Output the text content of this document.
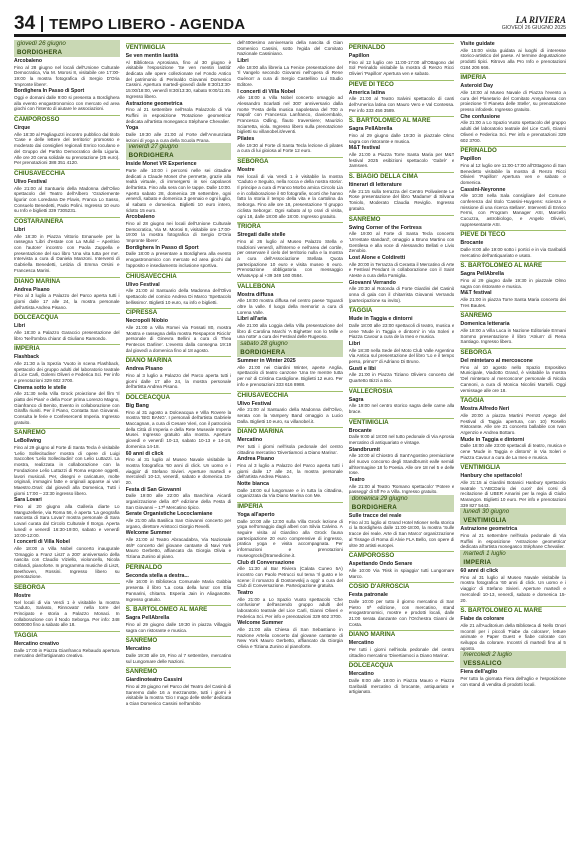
34 TEMPO LIBERO - AGENDA	LA RIVIERA
GIOVEDÌ 26 GIUGNO 2025
giovedì 26 giugno
BORDIGHERA
Arcobaleno
Fino al 28 giugno nel locali dell'Unione Culturale Democratica, Via M. Morosi 8, visitabile ore 17:00-19:00 la mostra fotografica di Sergio D'Oria 'Impronte libere'.
Bordighera In Passo di Sport
Oggi e domani dalle 9:00 si presenta a Bordighera alla evento enogastronomico con mercato ed area giochi con l'intento di aiutare le associazioni.
CAMPOROSSO
Cirque
Alle 18:30 al Pagliaguzzi incontro pubblico dal titolo 'Case e delle lettere del territorio' promosso e moderato dai consiglieri regionali Enrico Ioculano e del Gruppo del Partito Democratico della Liguria. Alle ore 20 cena solidale su prenotazione (25 euro). Per prenotazioni 388 351 4120.
CHIUSAVECCHIA
Ulivo Festival
Alle 21:00 al Santuario della Madonna dell'Olivo spettacolo del Teatro dell'Albero 'Graziemente liguria' con Loredana De Flavis, Franca Lo Sasso, Consuelo Benedetti, Paolo Polini. Ingresso 10 euro su Info e biglietti 339 7305231.
COSTARAINERA
Libri
Alle 18:30 in Piazza Vittorio Emanuele per la rassegna 'Libri d'estate con La Mulid – Aperitivo con l'autore' incontro con Paola Zappella e presentazione del suo libro 'Una vita tutta per me'. Intervista a cura di Daniela Manzoni. Interventi di Gabriella Benedetti, Letizia di Emma Orsini e Francesca Marini.
DIANO MARINA
Andrea Pisano
Fino al 3 luglio a Palazzo del Parco aperta tutti i giorni dalle 17 alle 24, la mostra personale dell'artista Andrea Pisano.
DOLCEACQUA
Libri
Alle 18:30 a Palazzo Garaccio presentazione del libro 'Nell'ombra chiara' di Giuliano Ramondo.
IMPERIA
Flashback
Alle 21:30 a la Spezia 'Vuoto in scena Flashback, spettacolo dei gruppo adulti del laboratorio teatrale di Lice Carli, Golemi Oliveri e Federica Sci. Per info e prenotazioni 329 602 3700.
Cinema sotto le stelle
Alle 21:30 nella Villa Grock proiezione del film 'Il piatto dei Piani' e della Foce' prima Lorenzo Magno, Gianfranco di Benito, Evento in collaborazione con Giraffa riuniti. Per il Piano, Contatta San Giovanni. Consulta le ferie e Confesercenti Imperia. Ingresso gratuito.
SANREMO
LeBollwing
Fino al 29 giugno al Forte di Santa Tecla è visitabile 'Lelio Sollecitudine' mostra di opere di Luigi Saccoltes 'Lelio Sollecitudini' con Lelio Luttazzi. La mostra, realizzata in collaborazione con la Fondazione Lelio Luttazzi di Roma espone oggetti, lavori musicali. Per, disegni e caricature, molte originali, immagini fatte e originali apparse ai vari Maestro.Orari: dal giovedì alla Domenica, Tutti i giorni 17:00 – 23:30 ingresso libero.
Sara Lovari
Fino al 20 giugno alla Galleria diarte Lo Manguzellerie, via Roma 56, è aperta 'La geografia nascosta di Sara Lovari' mostra personale di Sara Lovari curata dal Circolo Culturale Il Borgo. Aperta lunedì e venerdì 16:30-19:00, sabato e venerdì 10:00-12:00.
I concerti di Villa Nobel
Alle 18:00 a Villa Nobel concerto inaugurale 'Omaggio a Franz Liszt' a 200' anniversario della nascita con Claudio Viziello, violoncello, Nicola Girlandi, pianoforte. In programma musiche di Liszt, Beethoven, Rossini. Ingresso libero su prenotazione.
SEBORGA
Mostre
Nel locali di via Verdi 1 è visitabile la mostra 'Caduto, Salvato, Rinnovato' nella torre del Principato e storia a Palazzo Monaci. In collaborazione con il Nodo Seborga. Per info: 348 0000000 fino a sabato alle 18.
TAGGIA
Mercatino creativo
Dalle 17:00 in Piazza Gianfranco Rebaudo apertura mercatino dell'artigianato creativo.
VENTIMIGLIA
Se ven mentin lastità
Al Biblioteca Aprosiana, fino al 30 giugno è visitabile l'esposizione 'Se ven mentin lastità' dedicata alle opere collezionate nel Fondo Antico del patrimonio di Perinaldo Giovanni Domenico Cassini. Apertura martedì-giovedì dalle 8:30/13:30-15:00/18:00, venerdì 8:30/13:30, sabato 9:00/11:45. Ingresso libero.
Astrazione geometrica
Fino al 21 settembre nell'Isola Palazzolo di Via Ruffini in esposizione 'Rotazione geometrica' dedicata all'artista monegasco Stéphane Chevalier.
Yoga
Dalle 19:30 alle 21:00 al Forte dell'Annunziata lezioni di yoga a cura della Scuola Prana.
venerdì 27 giugno
BORDIGHERA
Inside Monet VR Experience
Parte alle 10:00 i percorsi nelle sei cittadine dedicati a Claude Monet che permette, grazie alla realtà virtuale, di immergersi in sei capolavori dell'artista. Fino alla sera con le tappe. Dalle 10:00. Aperto sabato 28, domenica 29 settembre, ogni venerdì, sabato e domenica 3 gennaio e ogni luglio, al sabato e domenica. Biglietti 10 euro intero, ridotto 15 euro.
Arcobaleno
Fino al 28 giugno nei locali dell'Unione Culturale Democratica, Via M. Morosi 8, visitabile ore 17:00-19:00 la mostra fotografica di Sergio D'Oria 'Impronte libere'.
Bordighera In Passo di Sport
Dalle 18:00 a presentare a Bordighera alla evento enogastronomico con mercato ed area giochi dal l'apposito e insediamento inclusione sportiva.
CHIUSAVECCHIA
Ulivo Festival
Alle 21:00 al Santuario della Madonna dell'Olivo spettacolo del comico Andrea Di Marco 'Spettacolo bellissimo'. Biglietti 10 euro, su info e biglietti.
CIPRESSA
Necropoli Niobio
Alle 21:00 a Villa Romei via Fossati 80, mostra 'Mostra e rassegna della mostra Respapron Riciclo' personale di Ginevra Bellini a cura di Thea Pentecos Darline'. L'evento dalla consegna 19:19 dal giovedì a domenica fino al 18 agosto.
DIANO MARINA
Andrea Pisano
Fino al 3 luglio a Palazzo del Parco aperta tutti i giorni dalle 17 alle 24, la mostra personale dell'artista Andrea Pisano.
DOLCEACQUA
Big Bang
Fino al 31 agosto a Dolceacqua e Villa Rovere la mostra 'BIG BANG'. I personali dell'artista Gabriele Maccagnan, a cura di Cesare Vieri, con il patrocinio della Città di Imperia e della Rete Museale Imperia Musei. Ingresso gratuito alla mostra. Aperture giovedì e venerdì 10-13, sabato 10-13 e 14-18, domenica 14-18.
60 anni di click
Fino al 31 luglio al Museo Navale visitabile la mostra fotografica '60 anni di click. Un uomo e i viaggio' di Stefano Sivieri. Aperture martedì e mercoledì 10-13, venerdì, sabato e domenica 15-20.
Festa di San Giovanni
Dalle 19:00 alle 22:00 alla Banchina Aicardi organizzazione della 40ª edizione della Festa di San Giovanni – 17ª Mercatino tipico.
Serate Organistiche Lococlamiane
Alle 21:00 alla Basilica San Giovanni concerto per organo, direttore Aristocci Giorgio Revelli.
Welcome Summer
Alle 21:00 al Teatro Abracadabra, Via Nazionale 46/F concerto del giovane cantante di Navi York Mauro Gerbetto, affiancato da Giorgia Olivia e Tiziana Zunino al piano.
PERINALDO
Seconda stella a destra...
Alle 16:00 in Biblioteca Comunale Maria Gabbia presenta il libro 'La cosa della luna' con Elia Pannarini, chitarra. Esperia Jain in Aliaganotte. Ingresso gratuito.
S. BARTOLOMEO AL MARE
Sagra PellAbrella
Fino al 29 giugno dalle 19:30 in piazza Villaggio sagra con ristorante e musica.
SANREMO
Mercatino
Dalle 19:30 alle 19, Fino al 7 settembre, mercatino sul Lungomare delle Nazioni.
SANREMO
Giardinoteatro Cassini
Fino al 29 giugno nel Parco del Teatro del Casinò di Sanremo dalle 16 a mezzanotte, tutti i giorni è visitabile la mostra 'Gio I mago delle stelle' dedicata a Gian Domenico Cassini nell'ambito
dell'400esimo anniversario della nascita di Gian Domenico Cassini, sotto l'egida del Comitato Nazionale Cassiniano.
Libri
Alle 18:00 alla libreria La Fenice presentazione del 'Il Vangelo secondo Giovanni nell'opera di Rene Guénon' a cura di Sergio Castellino Lui Studio Editore.
I concerti di Villa Nobel
Alle 18:00 a Villa Nobel concerto omaggio ad Alessandro Scarlatti nel 300' anniversario dalla morte 'Festa della musica napoletana del 700 a Napoli' con Francesca Lanfranco, clavicembalo, Francesca Odling, flauto traversiere; Maurizio Sciarretta, viola. Ingresso libero sulla prenotazione biglietti su villanobel.it/eventi.
Pilates
Alle 19:30 al Forte di Santa Tecla lezione di pilates a cura di lui gioiosa al Forte 12 euro.
SEBORGA
Mostre
Nei locali di via Verdi 1 è visitabile la mostra 'Caduto e Seguito, nella rocca e della nostra storia'. Il principe a cura di Franco Morbo amica Circolo Lia e in collaborazione il 60 fotografie, scorti che hanno fatto la storia il tempo della vita e la cartolina da Seborga. Fino alle ore 18, presentazione 'Il gruppo ciclista Seborga'. Ogni sabato al Ip orari di visita, ogni 18, dalle 18:00 alle 18:00. Ingresso gratuito.
TRIORA
Stregati dalle stelle
Fino al 26 luglio al Museo Palazzo Stella e tradizioni venerdì, all'interno e nell'area del cortile, per osservare il cielo del territorio nulla e la mostra a cura dell'Associazione Stellata Quota partecipazione 10 euro e visita museo 6 euro. Prenotazione obbligatoria con messaggio WhatsApp al +39 349 160 0584.
VALLEBONA
Mostra diffusa
Alle 18:00 mostra diffusa nel centro paese 'Sguardi oltre la valle. Il luogo della memoria' a cura di Lorena Valle.
Libri all'aria
Alle 21:00 alla Loggia della Villa presentazione del libro di Carolina Marchi 'A Bighetter non lo Mille e una notte' a cura dei Festival delle Rugeoso.
sabato 28 giugno
BORDIGHERA
Summer in Winter 2025
Alle 21:00 nei Giardini Winter, aperte Anglia, spettacolo di teatro canzone 'Una tre mentre tutta per noi' di Cristina Castiglione. Biglietti 12 euro. Per info e prenotazioni 333 616 8988.
CHIUSAVECCHIA
Ulivo Festival
Alle 21:00 al Santuario della Madonna dell'Olivo, serata con la Vampery Band omaggio a Lucio Dalla. Biglietti 10 euro, su villanobel.it.
DIANO MARINA
Mercatino
Per tutti i giorni nell'isola pedonale del centro cittadino mercatino 'Divertiamoci a Diano Marina'.
Andrea Pisano
Fino al 3 luglio a Palazzo del Parco aperta tutti i giorni dalle 17 alle 24, la mostra personale dell'artista Andrea Pisano.
Notte bianca
Dalle 18:00 sul lungomare e in tutta la cittadina, organizzata da Via Diano Marina con Me.
IMPERIA
Yoga all'aperto
Dalle 10:00 alle 12:00 sulla Villa Grock lezione di yoga nell'omaggio dagli alberi con Silvia Calvino. A seguire visita al Giardino alla Grock fauna partecipazione 20 euro comprensive di ingresso, pratica yoga e visita accompagnata. Per informazioni e prenotazioni museogrock@tramedicine.it.
Club di Conversazione
Alle 11:30 al Bar Riviera (Calata Cuneo 5A) incontro con Paolo Petrucci sul tema 'Il gusto e le scene: il romanzo di Dostoevskij a oggi' a cura del Club di Conversazione. Partecipazione gratuita.
Teatro
Alle 21:00 a Lo Spazio Vuoto spettacolo 'Che confusione' dell'ascendo gruppo adulti del laboratorio teatrale del Lice Carli, Gianni Oliveri e Federica Sci. Per info e prenotazioni 329 602 3700.
Welcome Summer
Alle 21:00 alla Chiesa di San Sebastiano in Nazione Artelia concerto dal giovane cantante di New York Mauro Gerbetto, affiancato da Giorgia Olivia e Tiziana Zunino al pianoforte.
PERINALDO
Papillon
Fino al 12 luglio ore 11:00-17:00 all'Ottagono del Sol Perinaldo visitabile la mostra di Renzo Ricci Olivieri 'Papillon' Apertura ven e sabato.
PIEVE DI TECO
America latina
Alle 21:00 al Teatro Salvini spettacolo di canti dell'America latina con Mauro Vero e Val Contessa. Per info 333 456 3589.
S. BARTOLOMEO AL MARE
Sagra PellAbrella
Fino al 29 giugno dalle 19:30 in piazzale Olmo sagra con ristorante e musica.
M&T festival
Alle 21:00 a Piazza Torre Santa Maria per M&T festival 2025 esibizioni spettacolo 'Gabrè' e Jamsven.
S. BIAGIO DELLA CIMA
Itinerari di letterature
Alle 21:15 sulla terrazza del Centro Polivalente Le Rose presentazione del libro 'Madame' di Silvana Toniolo, Moderato Claudia Reviglio. Ingresso gratuito.
SANREMO
Swing Corner of the Fortress
Alle 19:00 al Forte di Santa Tecla concerto 'Un'estate standard', omaggio a Bruno Martino con Gentilesa e alla voce di Alessandro Bellati e Livio Zenobio.
Lost Alone e Coldiretti
Alle 20:00 in Terrazza di Cerasta il Mercatino di Arte e Festival Pendant in collaborazione con il Saint Ateste a cura della Famiglia.
Giovanni Verrando
Alle 20:30 al Rotonda di Forte Giardini del Casinò onna di gala con il chitarrista Giovanni Verrando (partecipazione su invito).
TAGGIA
Mude in Taggia e dintorni
Dalle 18:00 alle 23:00 spettacoli di teatro, musica e cene 'Mude in Taggia e dintorni' in Via Soleri e Piazza Cavour a cura de la Ineo e musica.
Libri
Alle 18:30 nella Sede del Moto Club Valle Argentina Via Antica sul presentazione del libro 'Lo e il tempo perso, primo?' di Adriano Di Bruno.
Gusti e libi
Alle 21:00 in Piazza Tiziano Oliviero concerto del Quartetto Bizzi a Bio.
VALLECROSIA
Sagra
Alle 19:00 nel centro storico sagra delle carne alla brace.
VENTIMIGLIA
Brocante
Dalle 9:00 al 18:00 nel tutto pedonale di Via Aprosia mercatino di antiquariato e vintage.
Standbrumit
Alle 10:00 al Chiostro di Sant'Agostino premiazione del nuovo concorso degli Standbrumit ealle semidi all'itermagine 18 fo Poesia. Alle ore 18 nel 5 e delle rose.
Teatro
Alle 21:00 al Teatro 'Romano spettacolo' 'Potere e passeggi' di 5ff Fe a Villa. Ingresso gratuito.
domenica 29 giugno
BORDIGHERA
Sulle tracce dei reale
Fino al 31 luglio al Grand Hotel Mioner nella storica ci la Bordighera dalle 11:00-18:00, la mostra 'Sulle tracce dei reale. Arte di San Marco' organizzazione al Tissage di Roma di Alvie FLA Bello, con opere di oltre 30 artisti europei.
CAMPOROSSO
Aspettando Ondo Senare
Alle 10:00 Via 'Risk in spiaggia' tutti Lungomare Marco.
COSIO D'ARROSCIA
Festa patronale
Dalle 10:00 per tutto il giorno mercatino di San Pietro 5ª edizione, con mercatino, stand enogastronomici, mostre e prodotti locali, dalle 21:00 serata danzante con l'Orchestra Gianni de Costa.
DIANO MARINA
Mercatino
Per tutti i giorni nell'isola pedonale del centro cittadino mercatino 'Divertiamoci a Diano Marina'.
DOLCEACQUA
Mercatino
Dalle 8:00 alle 19:00 in Piazza Mauro e Piazza Garibaldi mercatino di brocante, antiquariato e artigianato.
Visite guidate
Alle 15:00 visita guidata ai luoghi di interesse storico-artistico del paese. Al termine degustazione prodotti tipici. Ritrovo alla Pro Info e prenotazioni 0184 206 666.
IMPERIA
Asteroid Day
Alle 18:00 al Museo Navale di Piazza l'evento a cura del Planetario del Comitato Ansyakansa con proiezione 'Il Pianeta delle Stelle', su prenotazione presso infodesk. Ingresso gratuito.
Che confusione
Alle 21:00 a Lo Spazio Vuoto spettacolo del gruppo adulti del laboratorio teatrale del Lice Carli, Gianni Oliveri e Federica Sci. Per info e prenotazioni 329 602 3700.
PERINALDO
Papillon
Fino al 12 luglio ore 11:00-17:00 all'Ottagono di San Benedetto visitabile la mostra di Renzo Ricci Olivieri 'Papillon' Apertura ven e sabato e domenica.
Cassini-Neyronne
Alle 10:30 nella Sala consigliare del Comune conferenza dal titolo 'Cassini-Huygens: scienza e missione di una ricerca stellare'. Interventi di Enrico Fermi, con Program Manager ASI, Marcello Cucuzza, astrobiologo, e Angelo Olivieri, rappresentante ASI.
PIEVE DI TECO
Brocante
Dalle 8:00 alle 19:00 sotto i portici e in via Garibaldi mercatino dell'antiquariato e usato.
S. BARTOLOMEO AL MARE
Sagra PellAbrella
Fino al 29 giugno dalle 19:30 in piazzale Olmo sagra con ristorante e musica.
M&T festival
Alle 21:00 in piazza Torre Santa Maria concerto dei Tres Bautes.
SANREMO
Domenica letteraria
Alle 18:00 a Villa Luca in Nazione Editoriale Ermani Sommo presentazione il libro 'Atrium' di Rena Santiago. Ingresso libero.
SEBORGA
Del mintetaro al mercoscone
Fino al 10 agosto nello Spazio Espositivo Municipale, Viadotto Grand, è visitabile la mostra 'Del mintetaro al mercoscone' personale di Nicola Cannoni, a cura di Monica Nicolini Martelli. Oggi vernissage alle ore 18.
TAGGIA
Mostra Alfredo Neri
Alle 20:00 a piazza Martini Perrott Apego del Festival di Taggia apertura, con 10) Rosello Ristorante. Alle ore 21 concerto ballabile con Ivan Argenzio e Andrea Bottaro.
Mude in Taggia e dintorni
Dalle 18:00 alle 23:00 spettacoli di teatro, musica e cene 'Mude in Taggia e dintorni' in Via Soleri e Piazza Cavour a cura de La Ineo e musica.
VENTIMIGLIA
Hanbury che spettacolo!
Alle 21:15 ai Giardini Botanici Hanbury spettacolo teatrale 'L'ABCDario dei cuori' dei corsi di recitazione di UBER Amarini per la regia di Giulio Marangon. Biglietti 10 euro. Per info e prenotazioni 339 827 5443.
lunedì 30 giugno
VENTIMIGLIA
Astrazione geometrica
Fino al 21 settembre nell'isola pedonale di Via Ruffini in esposizione 'Astrazione geometrica' dedicata all'artista monegasco Stéphane Chevalier.
martedì 1 luglio
IMPERIA
60 anni di click
Fino al 31 luglio al Museo Navale visitabile la mostra fotografica '60 anni di click. Un uomo e i viaggio' di Stefano Sivieri. Aperture martedì e mercoledì 10-13, venerdì, sabato e domenica 15-20.
S. BARTOLOMEO AL MARE
Fiabe da colorare
Alle 21 all'Auditorium della Biblioteca di Nello Onori Incontri per i piccoli 'Fiabe da colorare', letture animate e Paper Guest e fiabe colorate con sviluppo da colorare. Incontri di martedì fino al 5 agosto.
mercoledì 2 luglio
VESSALICO
Fiera dell'aglio
Per tutto la giornata Fiera dell'aglio e l'esposizione con stand di vendita di prodotti locali.
